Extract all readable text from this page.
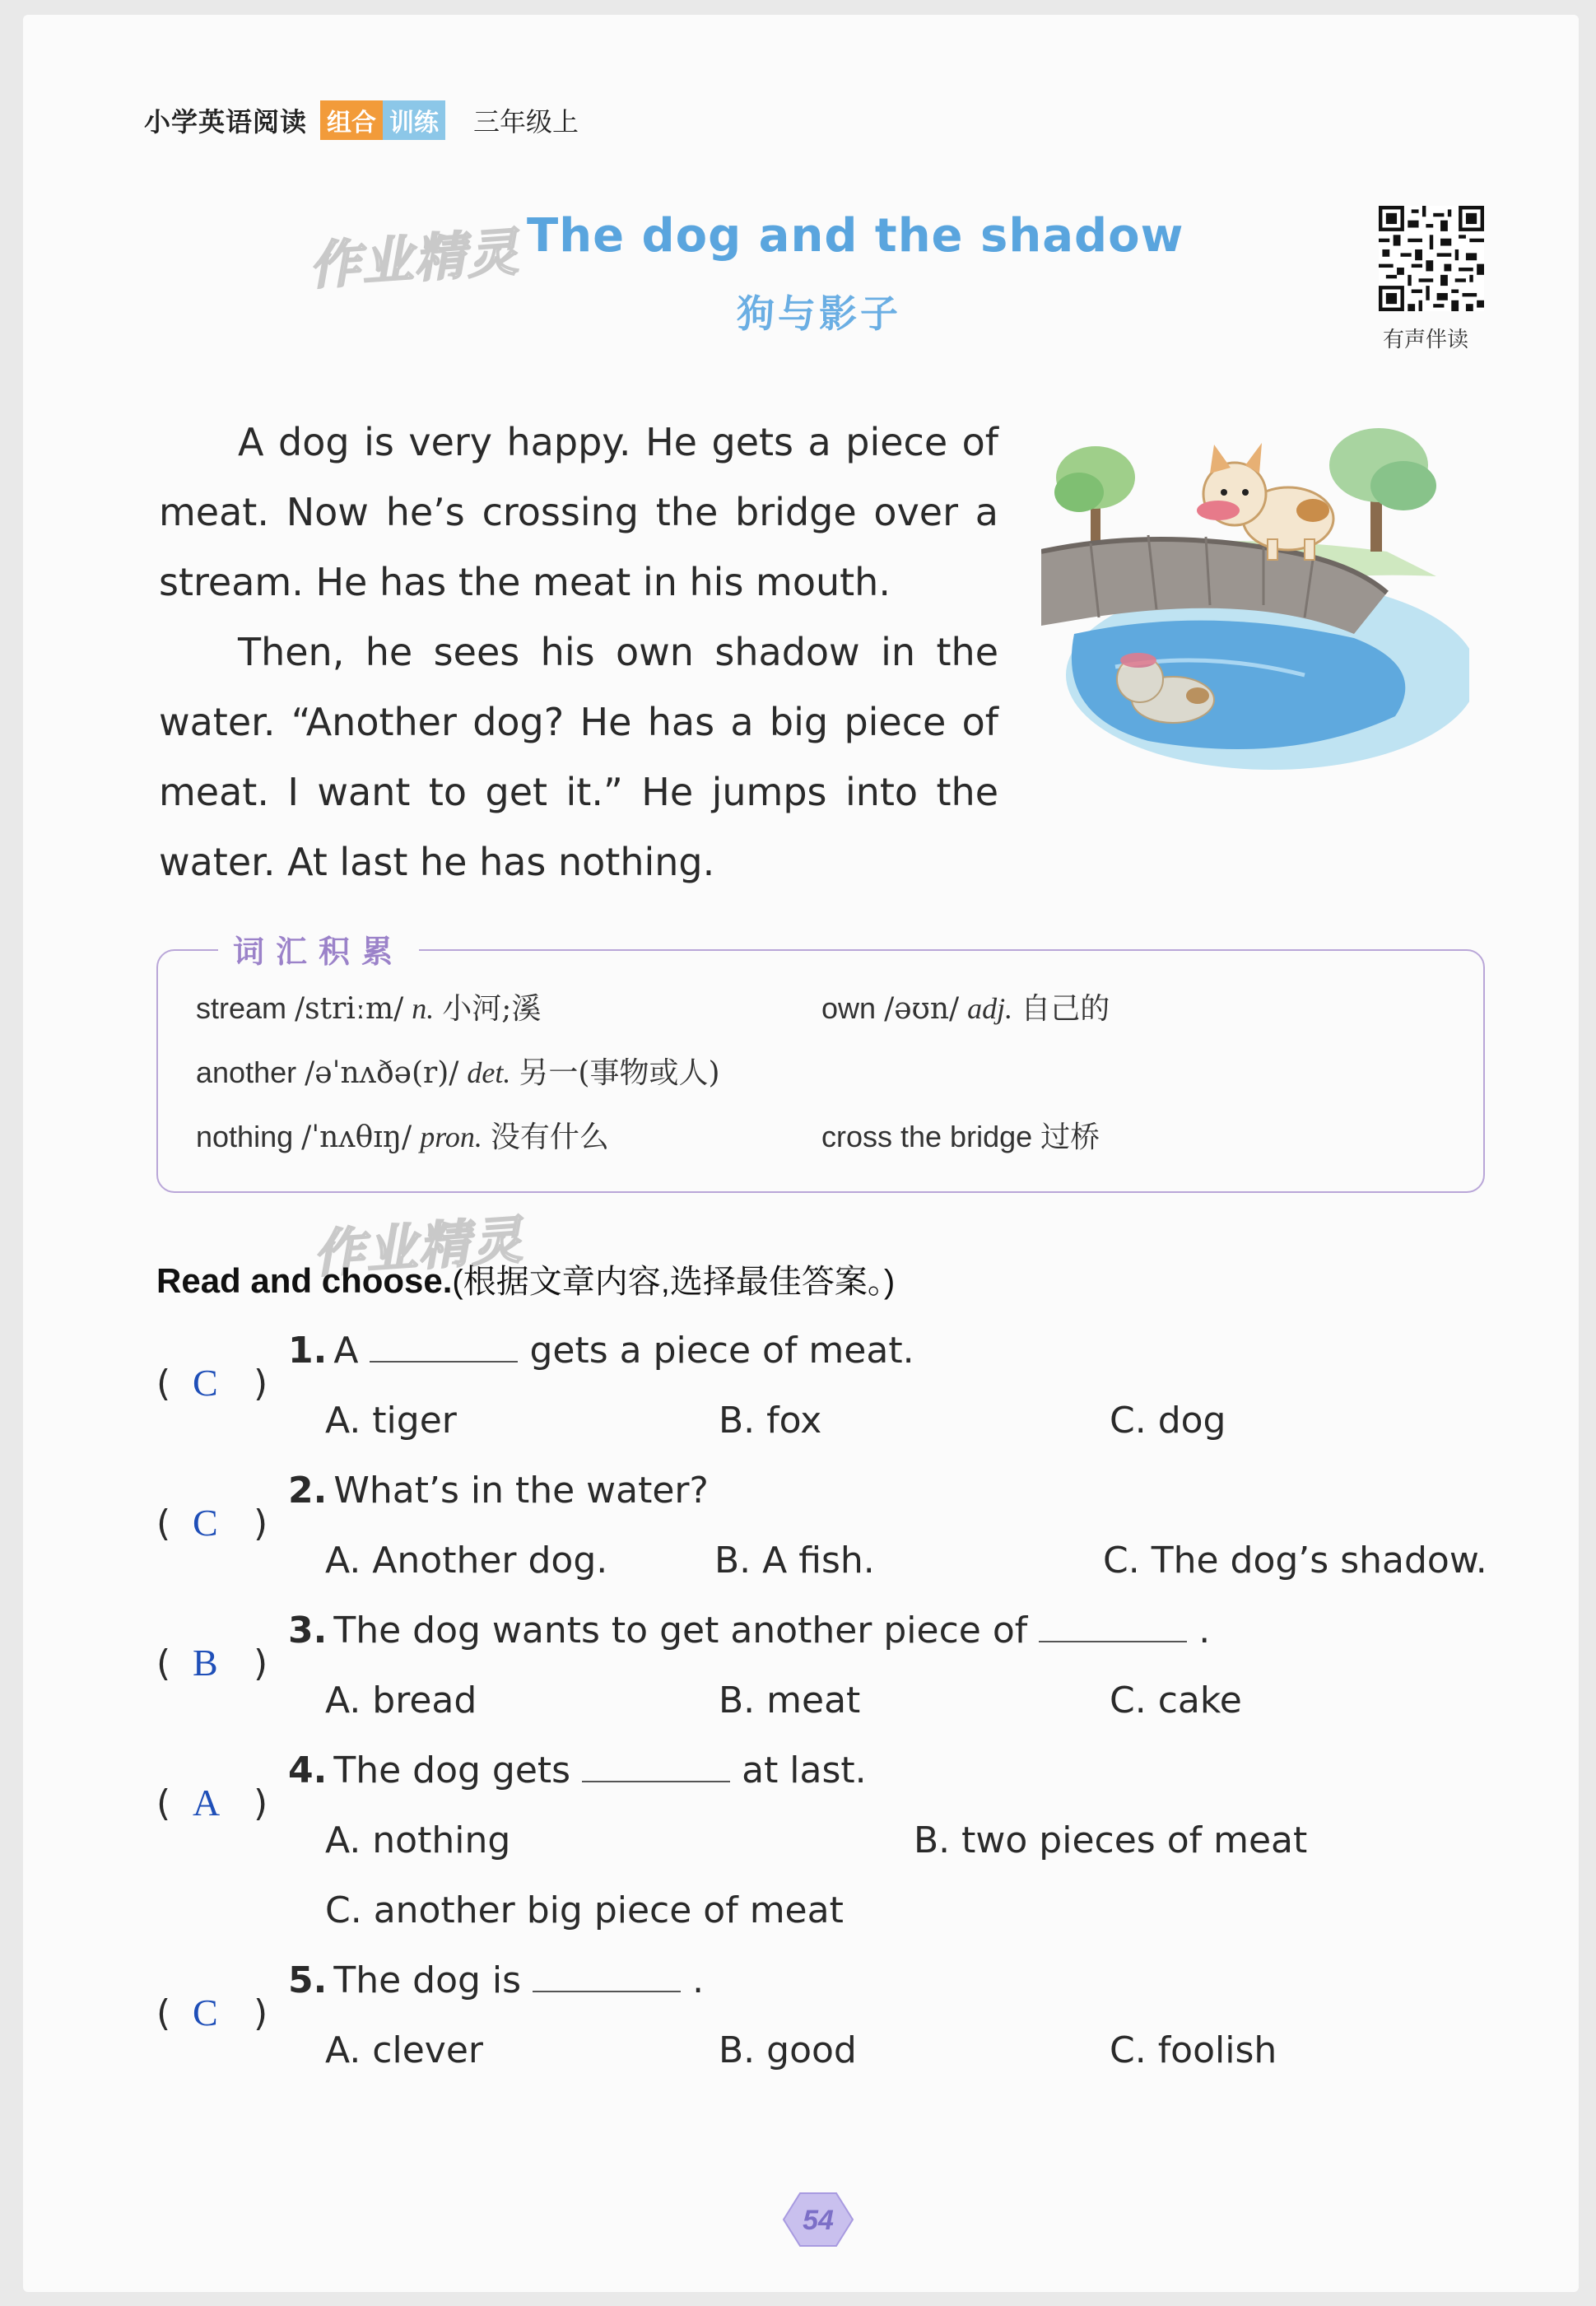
小学英语阅读 组合 训练 三年级上
作业精灵 The dog and the shadow
狗与影子
有声伴读

A dog is very happy. He gets a piece of meat. Now he’s crossing the bridge over a stream. He has the meat in his mouth.

Then, he sees his own shadow in the water. “Another dog? He has a big piece of meat. I want to get it.” He jumps into the water. At last he has nothing.

词汇积累
stream /striːm/ n. 小河;溪	own /əʊn/ adj. 自己的
another /əˈnʌðə(r)/ det. 另一(事物或人)
nothing /ˈnʌθɪŋ/ pron. 没有什么	cross the bridge 过桥
作业精灵
Read and choose.(根据文章内容,选择最佳答案。)
( C )
1. A	gets a piece of meat.
A. tiger	B. fox	C. dog
( C )
2. What’s in the water?
A. Another dog.	B. A fish.	C. The dog’s shadow.
( B )
3. The dog wants to get another piece of	.
A. bread	B. meat	C. cake
( A )
4. The dog gets	at last.
A. nothing	B. two pieces of meat
C. another big piece of meat
( C )
5. The dog is	.
A. clever	B. good	C. foolish
54
